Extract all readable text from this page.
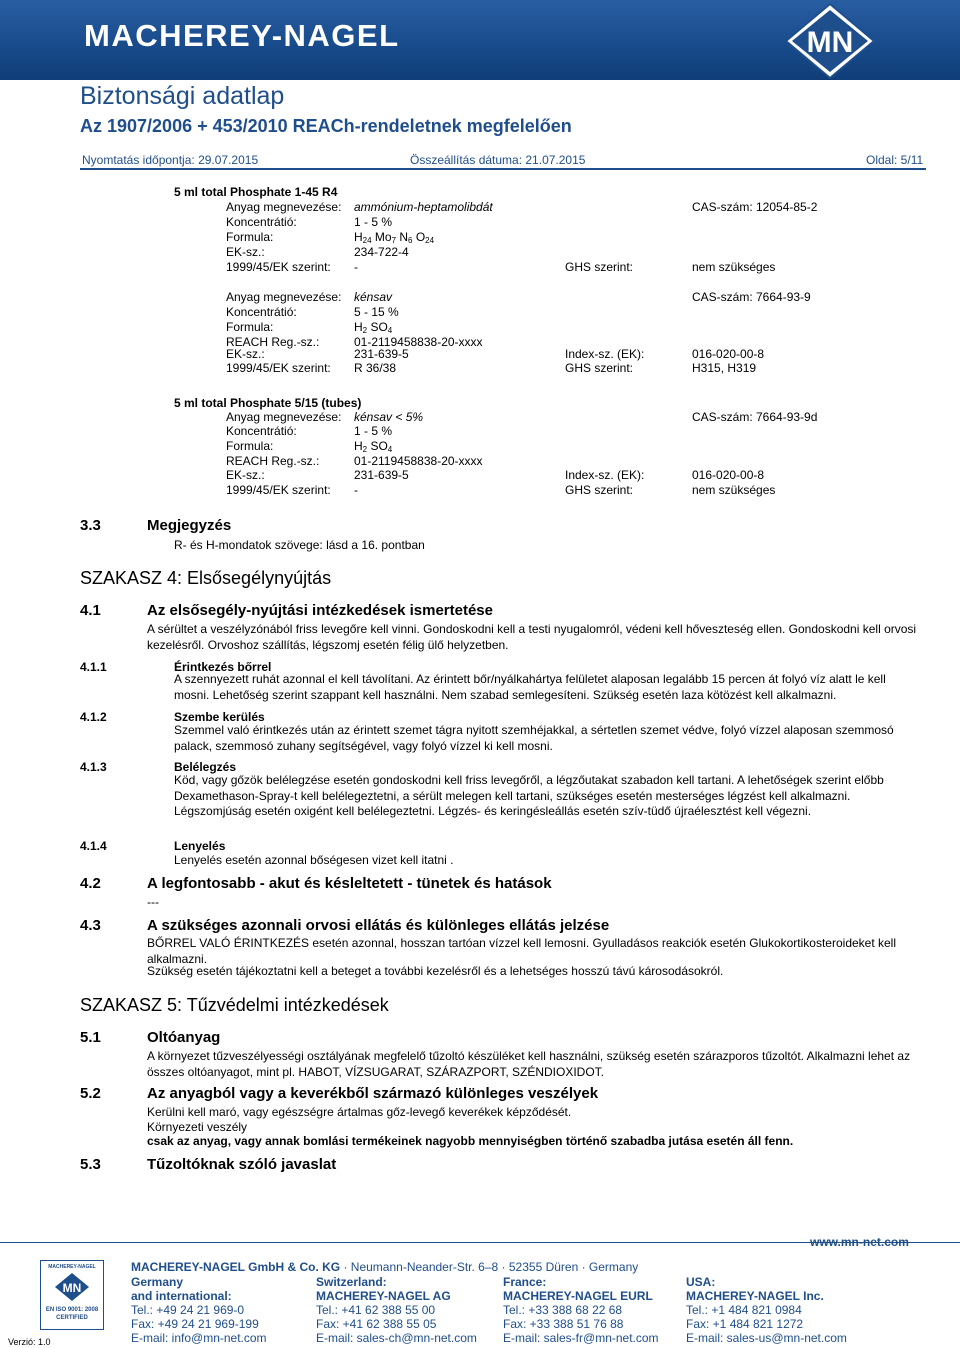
MACHEREY-NAGEL	MN
Biztonsági adatlap
Az 1907/2006 + 453/2010 REACh-rendeletnek megfelelően
Nyomtatás időpontja: 29.07.2015	Összeállítás dátuma: 21.07.2015	Oldal: 5/11
5 ml total Phosphate 1-45 R4
Anyag megnevezése: ammónium-heptamolibdát	CAS-szám: 12054-85-2
Koncentrátió:	1 - 5 %
Formula:	$H_{24}$ $Mo_7$ $N_6$ $O_{24}$
EK-sz.:	234-722-4
1999/45/EK szerint: -	GHS szerint:	nem szükséges
Anyag megnevezése: kénsav	CAS-szám: 7664-93-9
Koncentrátió:	5 - 15 %
Formula:	$H_2$ $SO_4$
REACH Reg.-sz.:	01-2119458838-20-xxxx
EK-sz.:	231-639-5	Index-sz. (EK):	016-020-00-8
1999/45/EK szerint: R 36/38	GHS szerint:	H315, H319
5 ml total Phosphate 5/15 (tubes)
Anyag megnevezése: kénsav < 5%	CAS-szám: 7664-93-9d
Koncentrátió:	1 - 5 %
Formula:	$H_2$ $SO_4$
REACH Reg.-sz.:	01-2119458838-20-xxxx
EK-sz.:	231-639-5	Index-sz. (EK):	016-020-00-8
1999/45/EK szerint: -	GHS szerint:	nem szükséges
3.3	Megjegyzés
R- és H-mondatok szövege: lásd a 16. pontban
SZAKASZ 4: Elsősegélynyújtás
4.1	Az elsősegély-nyújtási intézkedések ismertetése
A sérültet a veszélyzónából friss levegőre kell vinni. Gondoskodni kell a testi nyugalomról, védeni kell hőveszteség ellen. Gondoskodni kell orvosi kezelésről. Orvoshoz szállítás, légszomj esetén félig ülő helyzetben.
4.1.1	Érintkezés bőrrel
A szennyezett ruhát azonnal el kell távolítani. Az érintett bőr/nyálkahártya felületet alaposan legalább 15 percen át folyó víz alatt le kell mosni. Lehetőség szerint szappant kell használni. Nem szabad semlegesíteni. Szükség esetén laza kötözést kell alkalmazni.
4.1.2	Szembe kerülés
Szemmel való érintkezés után az érintett szemet tágra nyitott szemhéjakkal, a sértetlen szemet védve, folyó vízzel alaposan szemmosó palack, szemmosó zuhany segítségével, vagy folyó vízzel ki kell mosni.
4.1.3	Belélegzés
Köd, vagy gőzök belélegzése esetén gondoskodni kell friss levegőről, a légzőutakat szabadon kell tartani. A lehetőségek szerint előbb Dexamethason-Spray-t kell belélegeztetni, a sérült melegen kell tartani, szükséges esetén mesterséges légzést kell alkalmazni. Légszomjúság esetén oxigént kell belélegeztetni. Légzés- és keringésleállás esetén szív-tüdő újraélesztést kell végezni.
4.1.4	Lenyelés
Lenyelés esetén azonnal bőségesen vizet kell itatni .
4.2	A legfontosabb - akut és késleltetett - tünetek és hatások
---
4.3	A szükséges azonnali orvosi ellátás és különleges ellátás jelzése
BŐRREL VALÓ ÉRINTKEZÉS esetén azonnal, hosszan tartóan vízzel kell lemosni. Gyulladásos reakciók esetén Glukokortikosteroideket kell alkalmazni.
Szükség esetén tájékoztatni kell a beteget a további kezelésről és a lehetséges hosszú távú károsodásokról.
SZAKASZ 5: Tűzvédelmi intézkedések
5.1	Oltóanyag
A környezet tűzveszélyességi osztályának megfelelő tűzoltó készüléket kell használni, szükség esetén szárazporos tűzoltót. Alkalmazni lehet az összes oltóanyagot, mint pl. HABOT, VÍZSUGARAT, SZÁRAZPORT, SZÉNDIOXIDOT.
5.2	Az anyagból vagy a keverékből származó különleges veszélyek
Kerülni kell maró, vagy egészségre ártalmas gőz-levegő keverékek képződését.
Környezeti veszély
csak az anyag, vagy annak bomlási termékeinek nagyobb mennyiségben történő szabadba jutása esetén áll fenn.
5.3	Tűzoltóknak szóló javaslat
MACHEREY-NAGEL GmbH & Co. KG · Neumann-Neander-Str. 6–8 · 52355 Düren · Germany
www.mn-net.com
MACHEREY-NAGEL
MN
EN ISO 9001: 2008 CERTIFIED
Verzió: 1.0
Germany
and international:
Tel.: +49 24 21 969-0
Fax: +49 24 21 969-199
E-mail: info@mn-net.com
Switzerland:
MACHEREY-NAGEL AG
Tel.: +41 62 388 55 00
Fax: +41 62 388 55 05
E-mail: sales-ch@mn-net.com
France:
MACHEREY-NAGEL EURL
Tel.: +33 388 68 22 68
Fax: +33 388 51 76 88
E-mail: sales-fr@mn-net.com
USA:
MACHEREY-NAGEL Inc.
Tel.: +1 484 821 0984
Fax: +1 484 821 1272
E-mail: sales-us@mn-net.com
